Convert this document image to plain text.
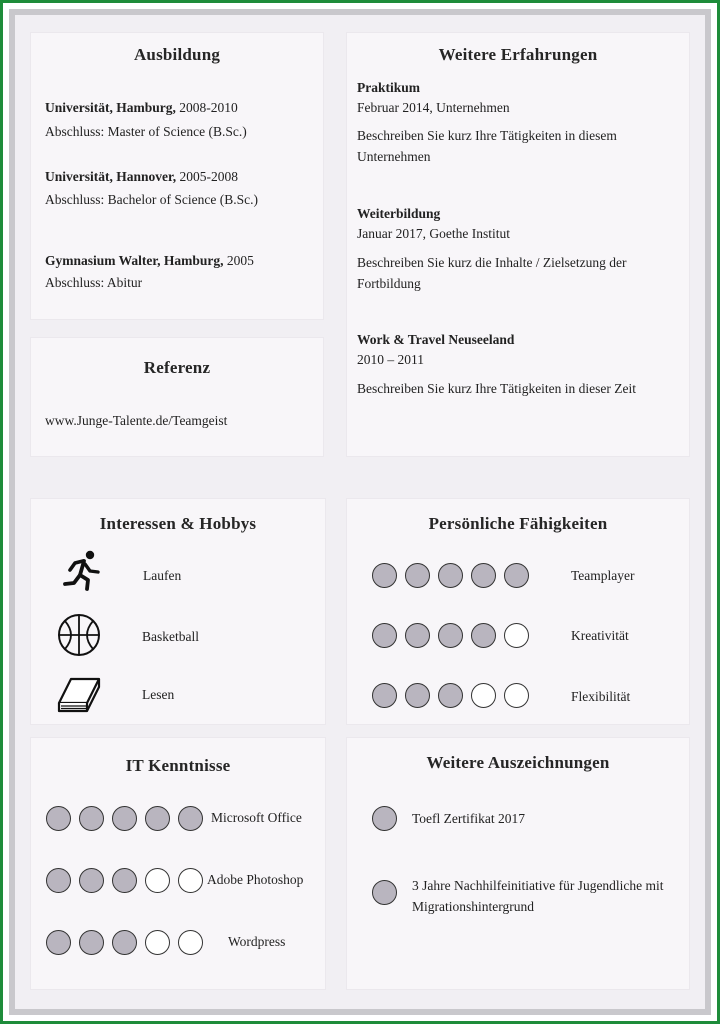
Ausbildung
Universität, Hamburg, 2008-2010
Abschluss: Master of Science (B.Sc.)
Universität, Hannover, 2005-2008
Abschluss: Bachelor of Science (B.Sc.)
Gymnasium Walter, Hamburg, 2005
Abschluss: Abitur
Referenz
www.Junge-Talente.de/Teamgeist
Weitere Erfahrungen
Praktikum
Februar 2014, Unternehmen
Beschreiben Sie kurz Ihre Tätigkeiten in diesem Unternehmen
Weiterbildung
Januar 2017, Goethe Institut
Beschreiben Sie kurz die Inhalte / Zielsetzung der Fortbildung
Work & Travel Neuseeland
2010 – 2011
Beschreiben Sie kurz Ihre Tätigkeiten in dieser Zeit
Interessen & Hobbys
Laufen
Basketball
Lesen
Persönliche Fähigkeiten
Teamplayer
Kreativität
Flexibilität
IT Kenntnisse
Microsoft Office
Adobe Photoshop
Wordpress
Weitere Auszeichnungen
Toefl Zertifikat 2017
3 Jahre Nachhilfeinitiative für Jugendliche mit Migrationshintergrund
